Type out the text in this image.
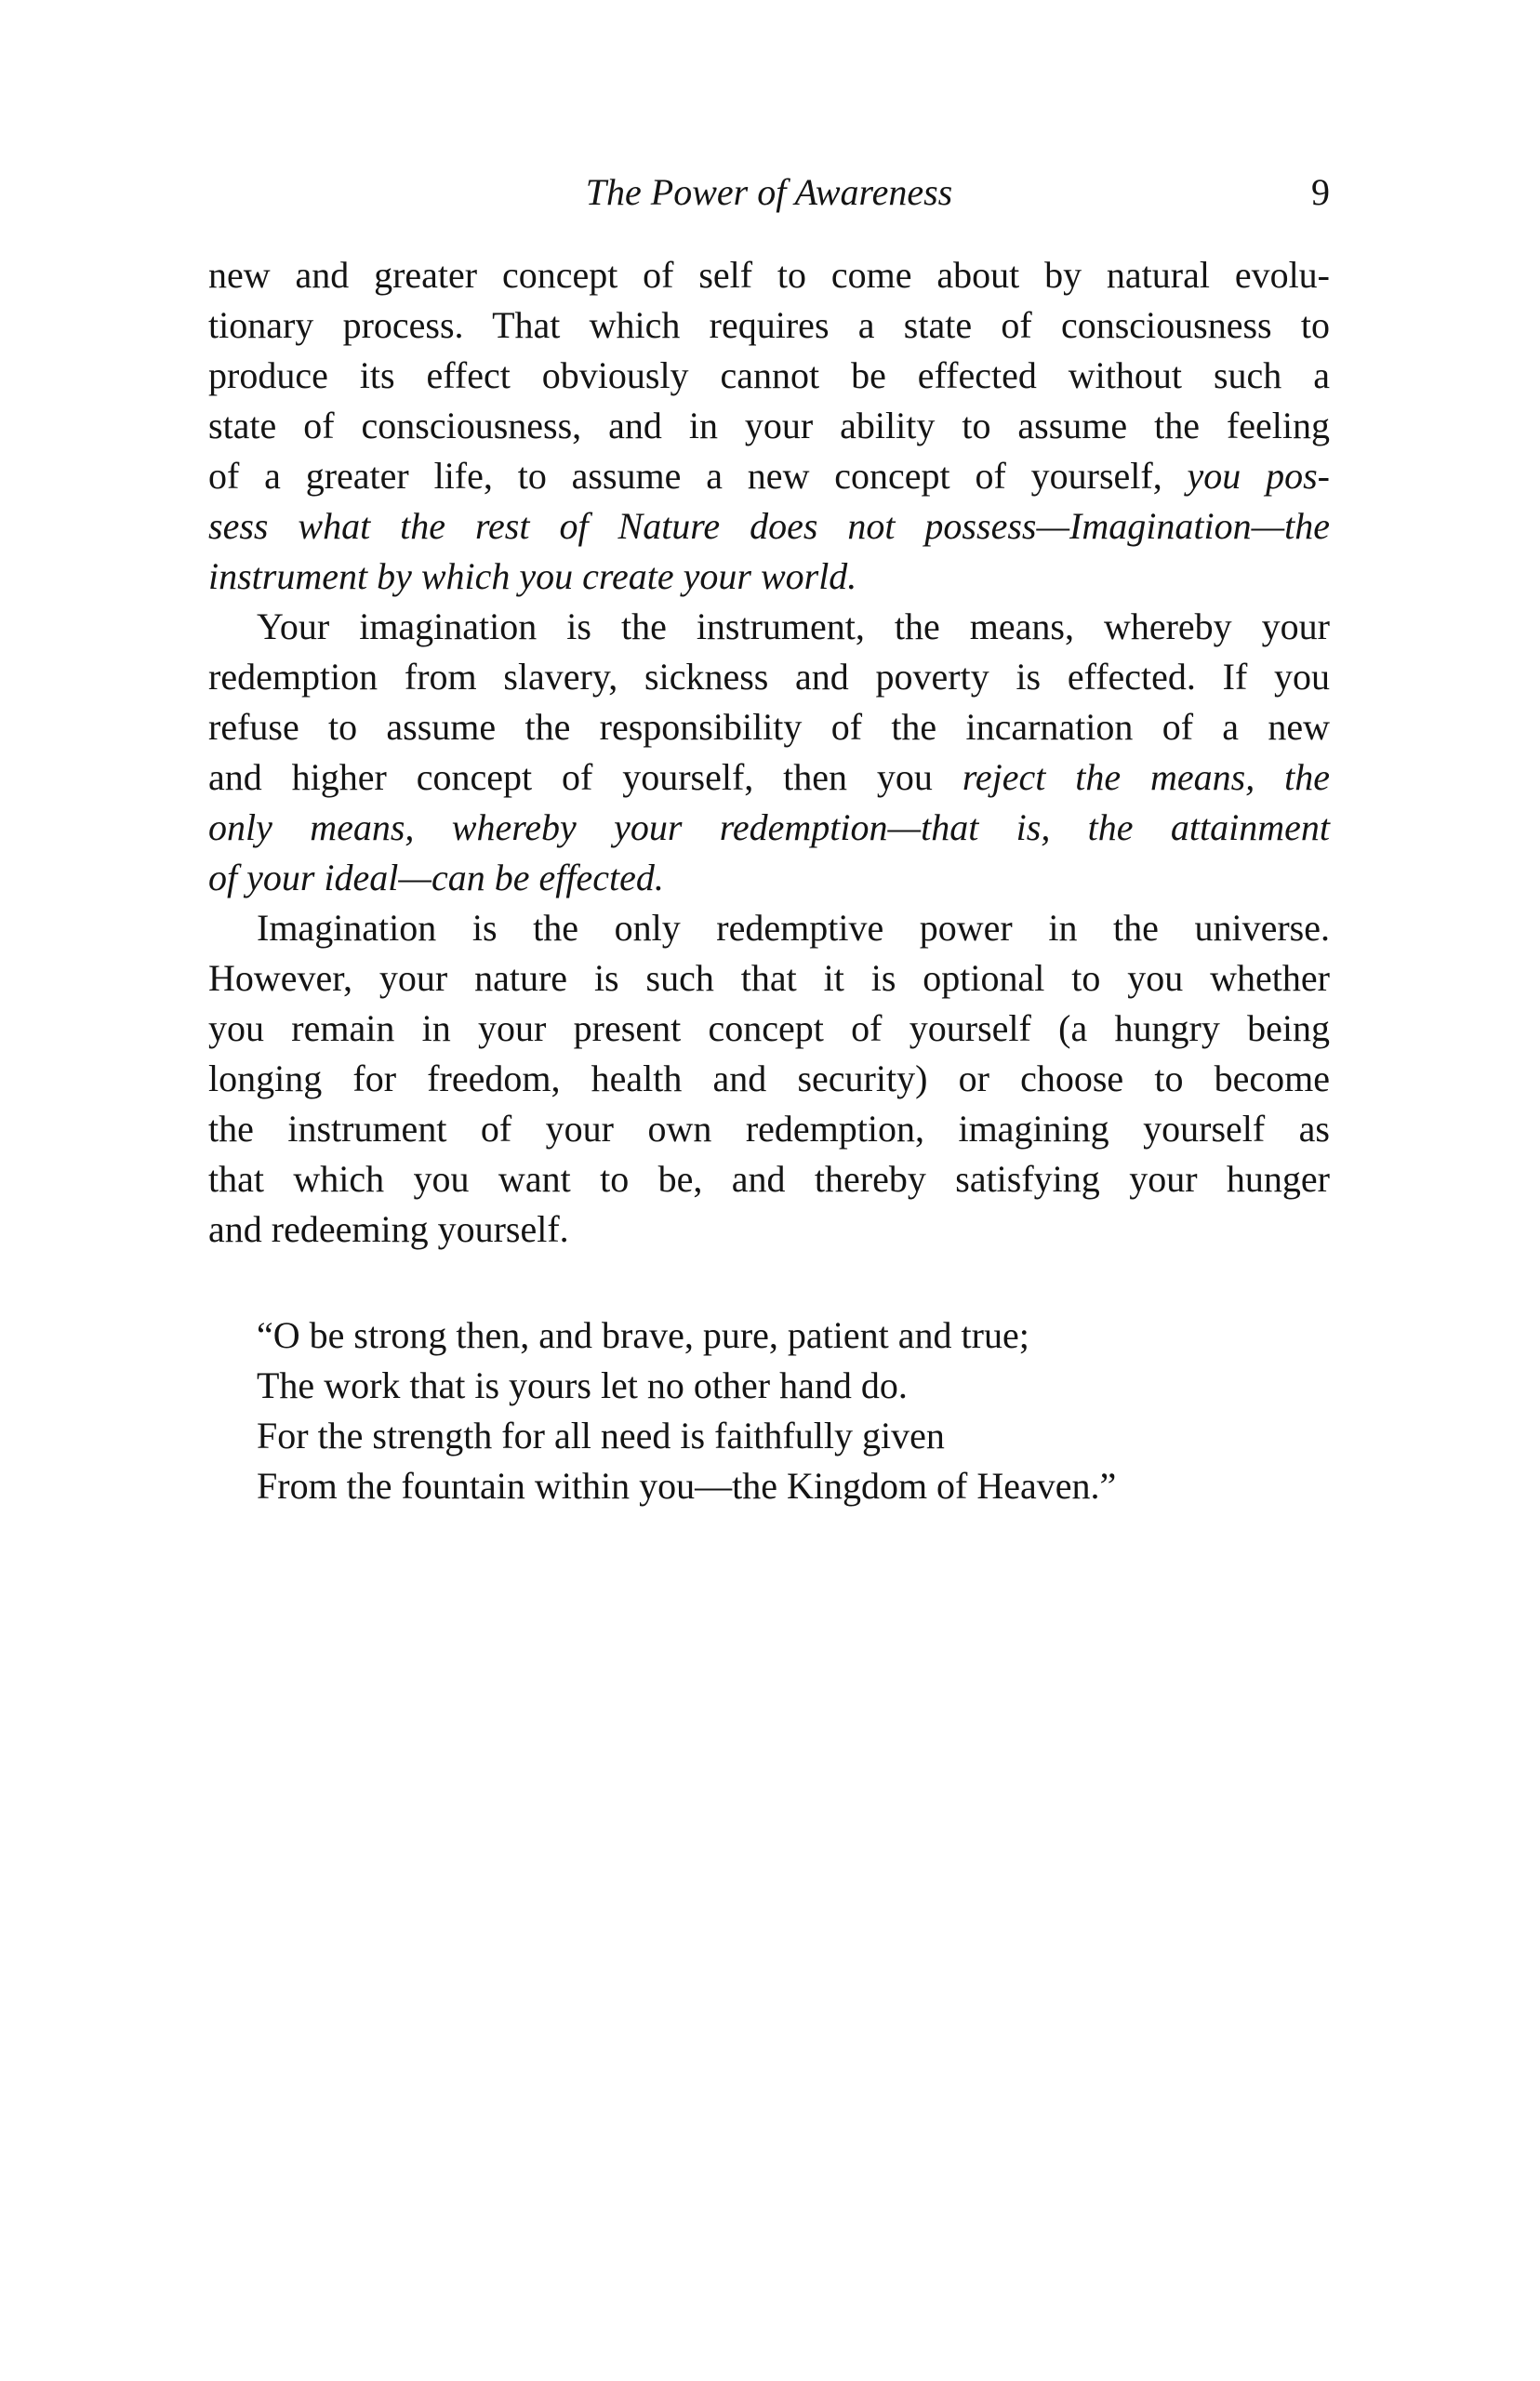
The Power of Awareness	9
new and greater concept of self to come about by natural evolu-
tionary process. That which requires a state of consciousness to
produce its effect obviously cannot be effected without such a
state of consciousness, and in your ability to assume the feeling
of a greater life, to assume a new concept of yourself, you pos-
sess what the rest of Nature does not possess—Imagination—the
instrument by which you create your world.
Your imagination is the instrument, the means, whereby your
redemption from slavery, sickness and poverty is effected. If you
refuse to assume the responsibility of the incarnation of a new
and higher concept of yourself, then you reject the means, the
only means, whereby your redemption—that is, the attainment
of your ideal—can be effected.
Imagination is the only redemptive power in the universe.
However, your nature is such that it is optional to you whether
you remain in your present concept of yourself (a hungry being
longing for freedom, health and security) or choose to become
the instrument of your own redemption, imagining yourself as
that which you want to be, and thereby satisfying your hunger
and redeeming yourself.
“O be strong then, and brave, pure, patient and true;
The work that is yours let no other hand do.
For the strength for all need is faithfully given
From the fountain within you—the Kingdom of Heaven.”
